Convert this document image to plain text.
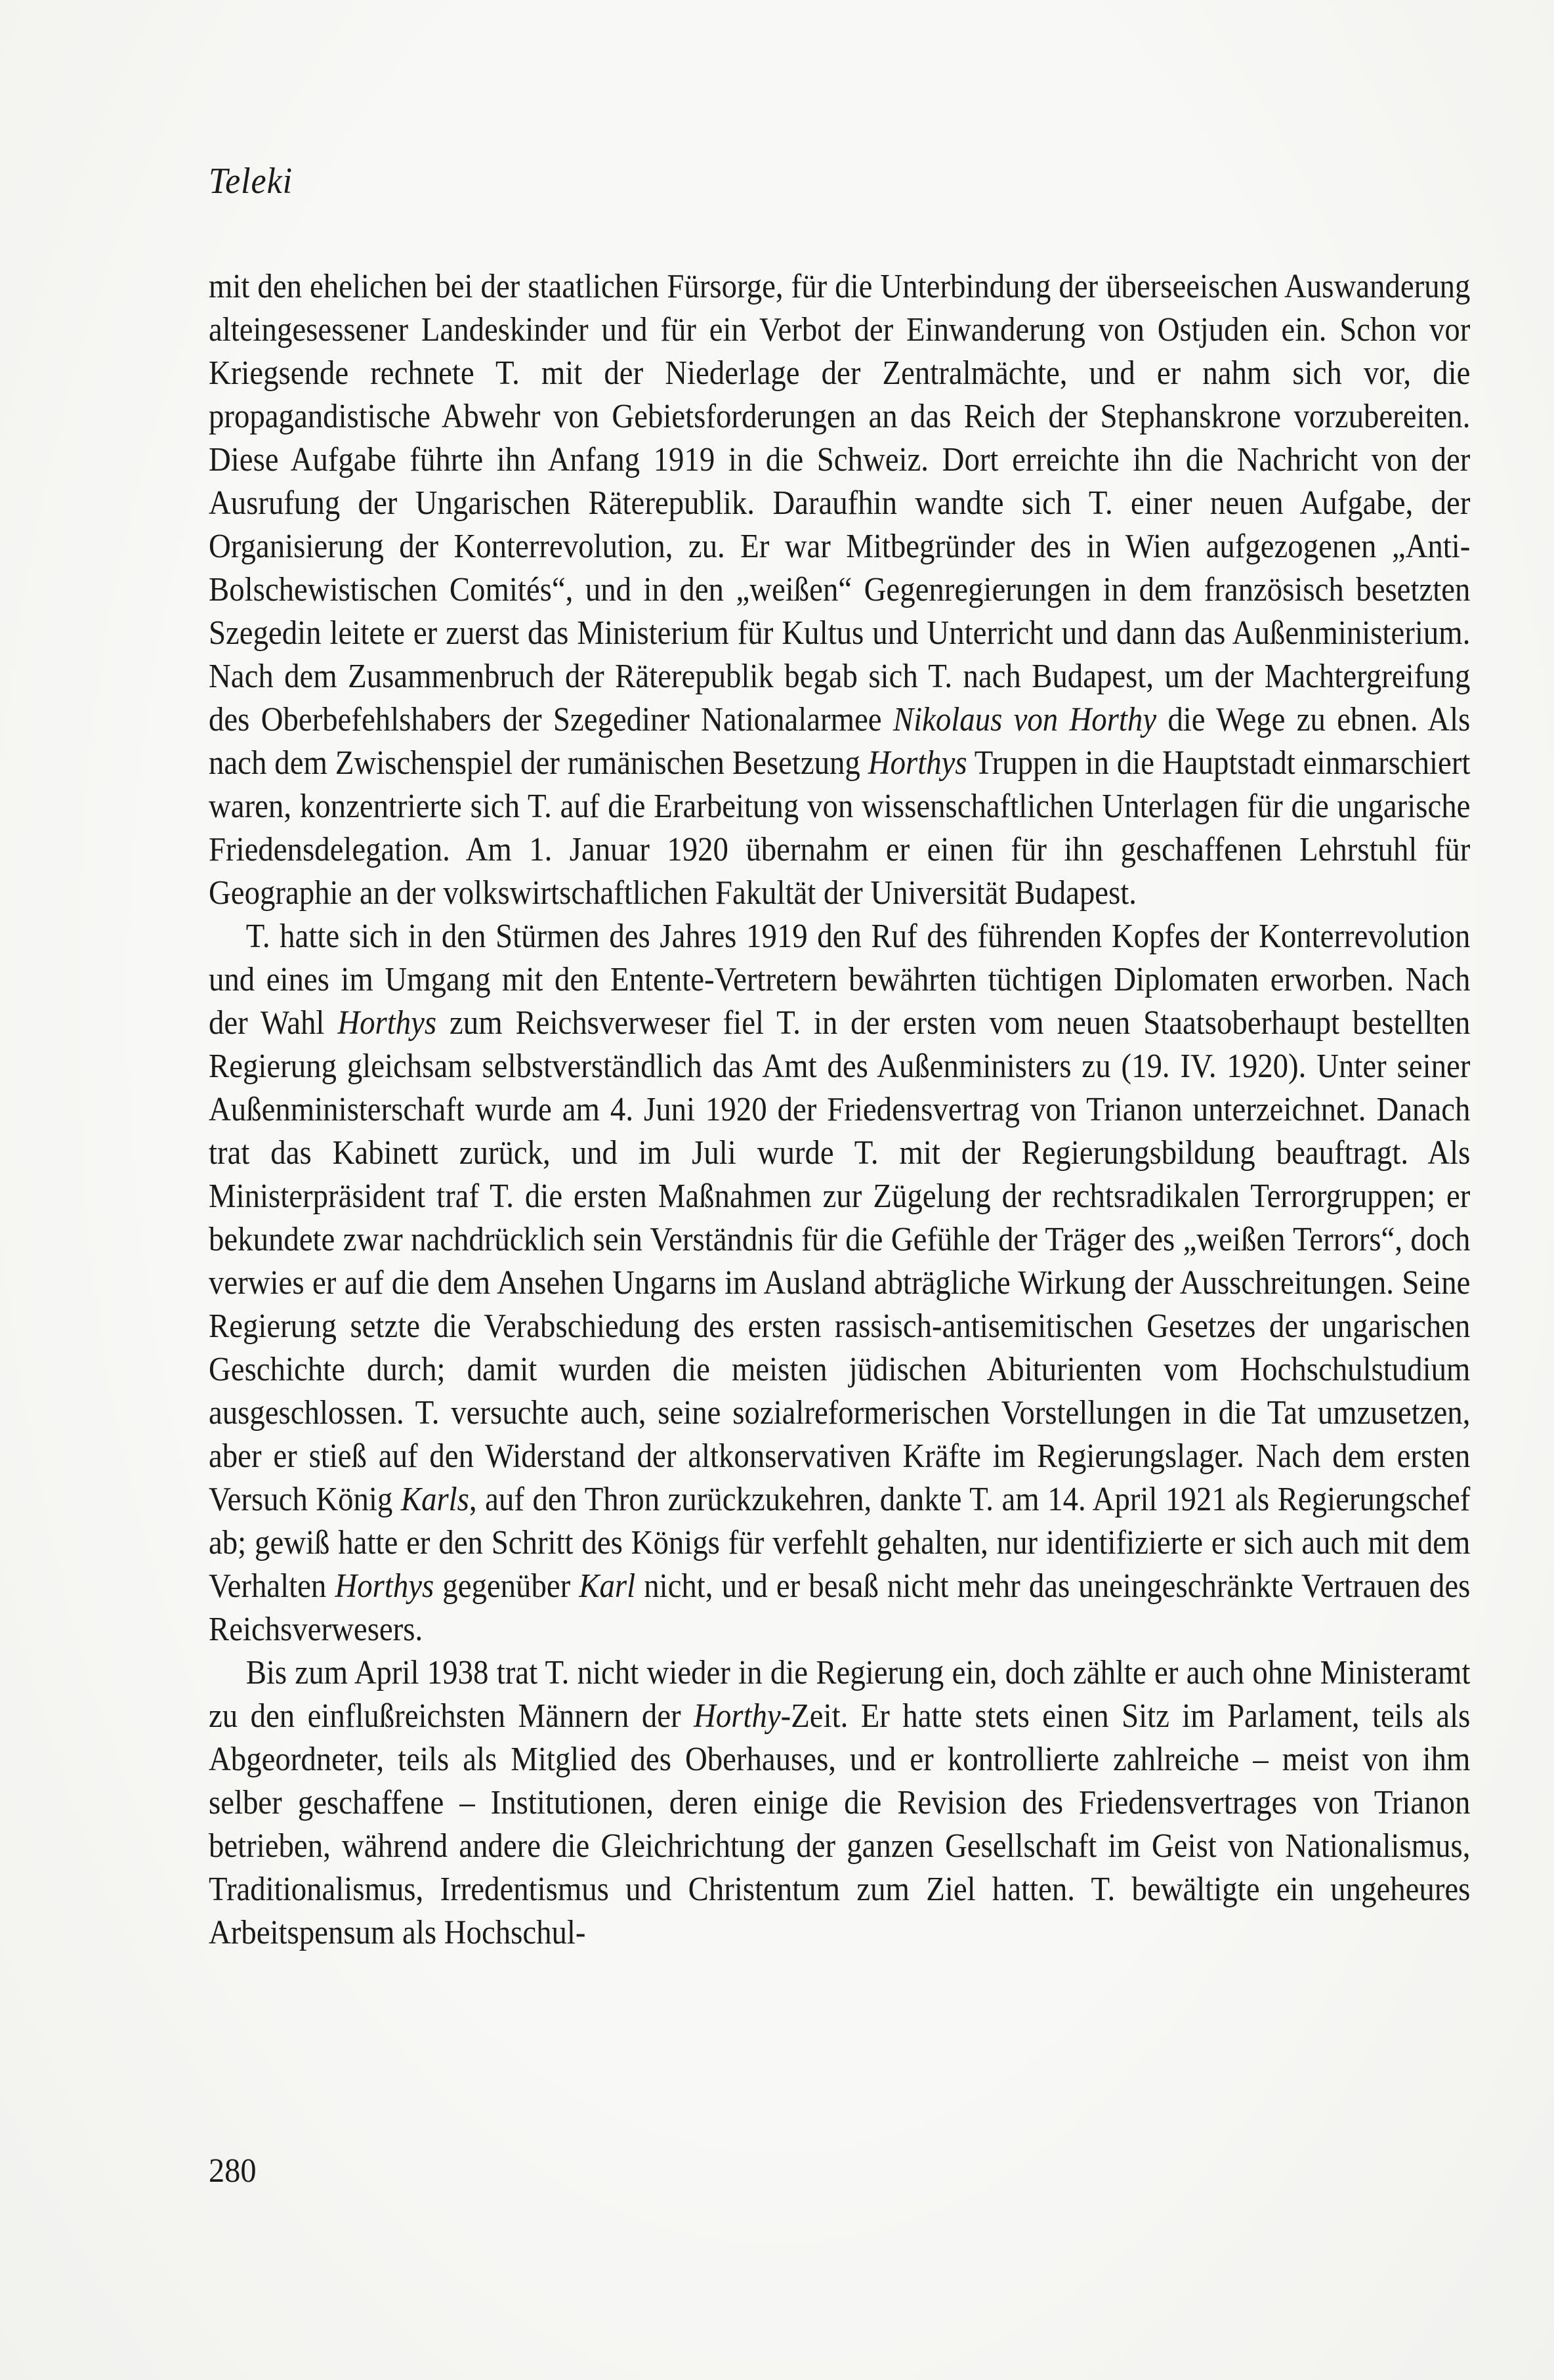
Teleki

mit den ehelichen bei der staatlichen Fürsorge, für die Unterbindung der überseeischen Auswanderung alteingesessener Landeskinder und für ein Verbot der Einwanderung von Ostjuden ein. Schon vor Kriegsende rechnete T. mit der Niederlage der Zentralmächte, und er nahm sich vor, die propagandistische Abwehr von Gebietsforderungen an das Reich der Stephanskrone vorzubereiten. Diese Aufgabe führte ihn Anfang 1919 in die Schweiz. Dort erreichte ihn die Nachricht von der Ausrufung der Ungarischen Räterepublik. Daraufhin wandte sich T. einer neuen Aufgabe, der Organisierung der Konterrevolution, zu. Er war Mitbegründer des in Wien aufgezogenen „Anti-Bolschewistischen Comités“, und in den „weißen“ Gegenregierungen in dem französisch besetzten Szegedin leitete er zuerst das Ministerium für Kultus und Unterricht und dann das Außenministerium. Nach dem Zusammenbruch der Räterepublik begab sich T. nach Budapest, um der Machtergreifung des Oberbefehlshabers der Szegediner Nationalarmee Nikolaus von Horthy die Wege zu ebnen. Als nach dem Zwischenspiel der rumänischen Besetzung Horthys Truppen in die Hauptstadt einmarschiert waren, konzentrierte sich T. auf die Erarbeitung von wissenschaftlichen Unterlagen für die ungarische Friedensdelegation. Am 1. Januar 1920 übernahm er einen für ihn geschaffenen Lehrstuhl für Geographie an der volkswirtschaftlichen Fakultät der Universität Budapest.

T. hatte sich in den Stürmen des Jahres 1919 den Ruf des führenden Kopfes der Konterrevolution und eines im Umgang mit den Entente-Vertretern bewährten tüchtigen Diplomaten erworben. Nach der Wahl Horthys zum Reichsverweser fiel T. in der ersten vom neuen Staatsoberhaupt bestellten Regierung gleichsam selbstverständlich das Amt des Außenministers zu (19. IV. 1920). Unter seiner Außenministerschaft wurde am 4. Juni 1920 der Friedensvertrag von Trianon unterzeichnet. Danach trat das Kabinett zurück, und im Juli wurde T. mit der Regierungsbildung beauftragt. Als Ministerpräsident traf T. die ersten Maßnahmen zur Zügelung der rechtsradikalen Terrorgruppen; er bekundete zwar nachdrücklich sein Verständnis für die Gefühle der Träger des „weißen Terrors“, doch verwies er auf die dem Ansehen Ungarns im Ausland abträgliche Wirkung der Ausschreitungen. Seine Regierung setzte die Verabschiedung des ersten rassisch-antisemitischen Gesetzes der ungarischen Geschichte durch; damit wurden die meisten jüdischen Abiturienten vom Hochschulstudium ausgeschlossen. T. versuchte auch, seine sozialreformerischen Vorstellungen in die Tat umzusetzen, aber er stieß auf den Widerstand der altkonservativen Kräfte im Regierungslager. Nach dem ersten Versuch König Karls, auf den Thron zurückzukehren, dankte T. am 14. April 1921 als Regierungschef ab; gewiß hatte er den Schritt des Königs für verfehlt gehalten, nur identifizierte er sich auch mit dem Verhalten Horthys gegenüber Karl nicht, und er besaß nicht mehr das uneingeschränkte Vertrauen des Reichsverwesers.

Bis zum April 1938 trat T. nicht wieder in die Regierung ein, doch zählte er auch ohne Ministeramt zu den einflußreichsten Männern der Horthy-Zeit. Er hatte stets einen Sitz im Parlament, teils als Abgeordneter, teils als Mitglied des Oberhauses, und er kontrollierte zahlreiche – meist von ihm selber geschaffene – Institutionen, deren einige die Revision des Friedensvertrages von Trianon betrieben, während andere die Gleichrichtung der ganzen Gesellschaft im Geist von Nationalismus, Traditionalismus, Irredentismus und Christentum zum Ziel hatten. T. bewältigte ein ungeheures Arbeitspensum als Hochschul-

280
